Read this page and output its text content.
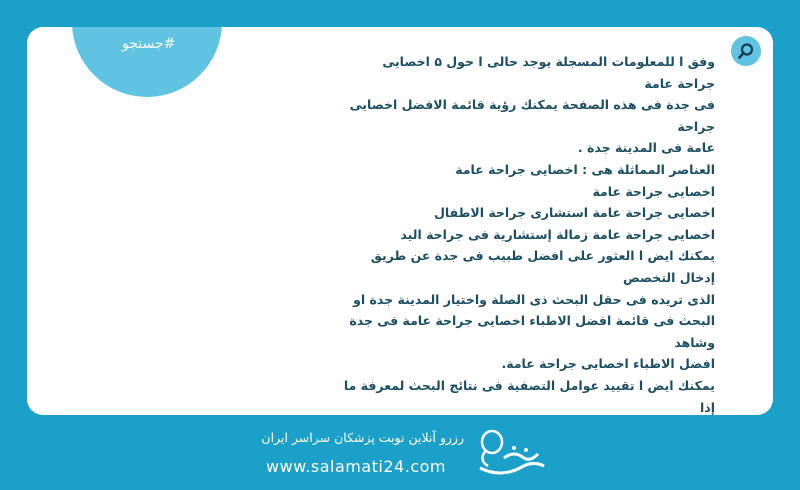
#جستجو

وفق ا للمعلومات المسجلة یوجد حالی ا حول ۵ اخصایی جراحة عامة

فی جدة فی هذه الصفحة یمكنك رؤیة قائمة الافضل اخصایی جراحة

عامة فی المدینة جدة .

العناصر المماثلة هی : اخصایی جراحة عامة

اخصایی جراحة عامة

اخصایی جراحة عامة استشاری جراحة الاطفال

اخصایی جراحة عامة زمالة إستشاریة فی جراحة الید

یمكنك ایض ا العثور علی افضل طبیب فی جدة عن طریق إدخال التخصص

الذی تریده فی حقل البحث ذی الصلة واختیار المدینة جدة او

البحث فی قائمة افضل الاطباء اخصایی جراحة عامة فی جدة وشاهد

افضل الاطباء اخصایی جراحة عامة.

یمكنك ایض ا تقیید عوامل التصفیة فی نتائج البحث لمعرفة ما إذا

رزرو آنلاین نوبت پزشکان سراسر ایران
www.salamati24.com
